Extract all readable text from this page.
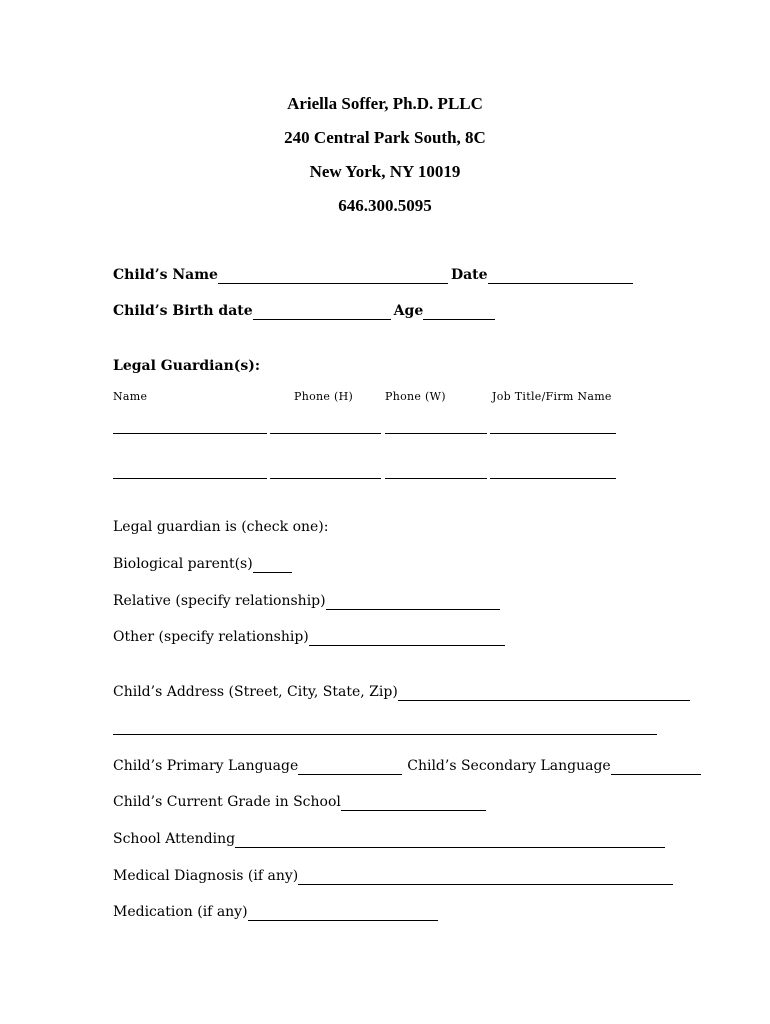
Ariella Soffer, Ph.D. PLLC
240 Central Park South, 8C
New York, NY 10019
646.300.5095
Child’s Name	Date
Child’s Birth date	Age
Legal Guardian(s):
Name	Phone (H)	Phone (W)	Job Title/Firm Name
Legal guardian is (check one):
Biological parent(s)
Relative (specify relationship)
Other (specify relationship)
Child’s Address (Street, City, State, Zip)
Child’s Primary Language	Child’s Secondary Language
Child’s Current Grade in School
School Attending
Medical Diagnosis (if any)
Medication (if any)
